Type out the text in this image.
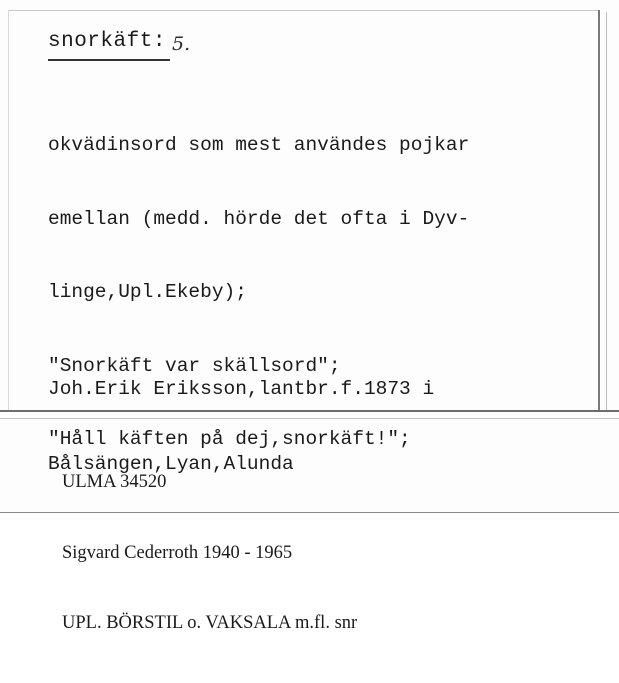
snorkäft: 5.

okvädinsord som mest användes pojkar

emellan (medd. hörde det ofta i Dyv-

linge,Upl.Ekeby);

"Snorkäft var skällsord";

"Håll käften på dej,snorkäft!";

Joh.Erik Eriksson,lantbr.f.1873 i

Bålsängen,Lyan,Alunda

ULMA 34520

Sigvard Cederroth 1940 - 1965

UPL. BÖRSTIL o. VAKSALA m.fl. snr
